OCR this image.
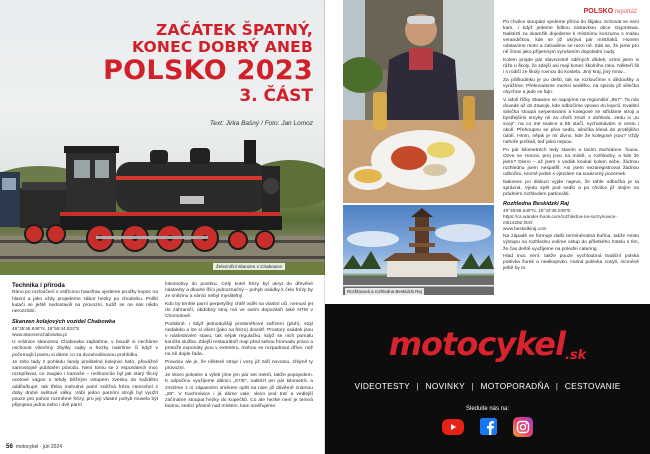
ZAČÁTEK ŠPATNÝ,
KONEC DOBRÝ ANEB
POLSKO 2023
3. ČÁST
Text: Jirka Bašný / Foto: Jan Lomoz
Železniční skanzen v Chabowce
Technika i příroda

Ráno po rozloučení s vstřícnou hausfrau vjedeme pruďky kopec na hlavní a jako vždy projedeme zábor hezky po chodníku. Polští kutači se ještě nedostavili na provozní, tudíž se na nás nikdo nerozzlobí.

Skanzen kolejových vozidel Chabowka
49°35'46.846"N, 19°55'44.822"E
www.skansenchabowka.pl

U vrátnice skanzenu Chabowka zaplatíme, v boudě si necháme uschovat všechny zbytky cajky a hezky nakrlíme či když v počernající parnu si dáme co za dvouhodinovou prohlídku.

Je toho tady z pohledu fandy prašitelné kolejnici hafo, převážně samostojně poblotém původu. Není tomu se z exponátech moc rozepílovat, co zaujalo i kamoše – nečkoncůe byl jak starý třicný ocelové vagon s tehdy běžným vstupem zvenku do každého oddílu/kupé, tak třeba mohutná parní sněžná fréza Henschel z doby druhé světové války. Vábí jedno parními strojů byl využít pouze pro pohon rozměrné frézy, pro její vlastní pohyb musela být připojena jedna nebo i dvě parní

lokomotivy do postrku. Celý kotel frézy byl ukryt do dřevěné nástavby a dlouhé lžíci jednoznačný – pohyb osádky k čelu frézy by ze snězinu a vánici nebyl myslitelný.

Kdo by tenhle parní perpetyčký chtěl vidět na vlastní oči, nemusí jet do zahraničí, obdobný stroj má ve svém depozitáři také NTM v Chomutově.

Podobně, i když jednoduššiji protisněhové zařízení (pluh), stojí nedaleko a lze si všimt (jako na frézo) dovnitř. Prostory osádek jsou v následovém stavu, tak nějak regulačku, když se nich pomalu končila služba. Zdejší restaurátoři mají před sebou hromadu práce a protože exponáty jsou v exteriéru, mohou se rozpadnout dříve, než na ně dojde řada...

Pravdou ale je, že některé stroje i vozy již září novotou, zřejmě ty provozní.

Je skoro poledne a výletí jíme jen pár set metrů, takže popojedem. K odpočinu využijeme dálnici „S7/E", nalitézt jen pár kilometrů, a zmizíme z ní zápasném směrem opět na nám již důvěrně známou „28". V Kachnówce i já dáme vale, vlevo pod trať a vedlejší začínáme stoupat hezky do kopečků. Co ale hezké není je temná burina, sedící přesně nad místem, kam směřujeme.

56 motocykel · jún 2024
Rozhlasová a rozhledna Beskidzki Raj
POLSKO reportáž

Po chvilce stoupání vjedeme přímo do šlijaku. Schovat se není kam, i když jedeme fidkou zástavbou obce Gigonlowa. Nalitézti za okamžik dojedeme k místnímu konzumu s malou verandičkou, kde se již ukrývá pár místňáků. Honem odstavíme moto a zahadíme se mezi ně. Zdá se, že jsme pro ně čímsi jako příjemným vyrušením dopolední nudy.

Kolem projde pár slavnostně oděných dědek, vzimi jsem si růže u školy, že zdejší asi mají konec školního roku. Někteří šli i s rodiči ze školy rovnou do kostela. Jiný kraj, jiný mrav...

Za půlhodinku je po dešti, tak se rozloučíme s dědoušky a vyrážíme. Překnouleme mezisi sedélko, na sjezdu již silnička osychne a jede se fajn.

V údolí říčky Skawice se napojíme na regionální „957". Ta nás dovede až do Zawoje, kde odbočíme vpravo do kopců. Kvalitní silnička stoupá serpentinami a kolegové se střídáme stroji a bystřejšími smyky mi za chvíli zmizí z dohledu. Jedu si „tu svoji", na co mé reakce a 85 stačí, vychutnávám si cestu i okolí. Přehoupnu se přes sedlo, silnička klesá do protějšího údolí. Hmm, nějak je mi divno, kde že kolegové jsou? Vždy nahoře počkali, teď jaksi nejsou.

Po pár kilometrech tedy stavím a tasím zachránce. founa. Ozve se Honza, prej jsou na místě, u rozhledny, a kde že jsem? Divno – až jsem s vodák koukal kolem sebe, žádnou rozhlednu jsem nespatřil. Asi jsem nezaregistroval žádnou odbočku, kromě jedné s vjezdem na soukromý pozemek.

Nakonec po diskuzi vyjde najevo, že tahle odbočka je ta správná. Vjedu zpět pod sedlo a po chvilce již stojím na prádném rozhledem parkovišti.

Rozhledna Beskidzki Raj
49°45'58.640"N, 19°32'38.039"E
https://cs.wander-book.com/rozhledna-na-surzynowce-mk14282.html
www.beskidkiraj.com

Na západě se formuje další terminérodná buřina, takže místo výstupu na rozhlednu volíme ostup do příletkého hotelu s tím, že čas deště využijeme na polední catering.

Hlad moc není, takže pouze vychloubná tradiční polská polévka žurek a nealkopivko. Hutná polévka zosyti, nicméně ještě by to

motocykel$^{.sk}$
VIDEOTESTY | NOVINKY | MOTOPORADŇA | CESTOVANIE
Sleduite nás na:
